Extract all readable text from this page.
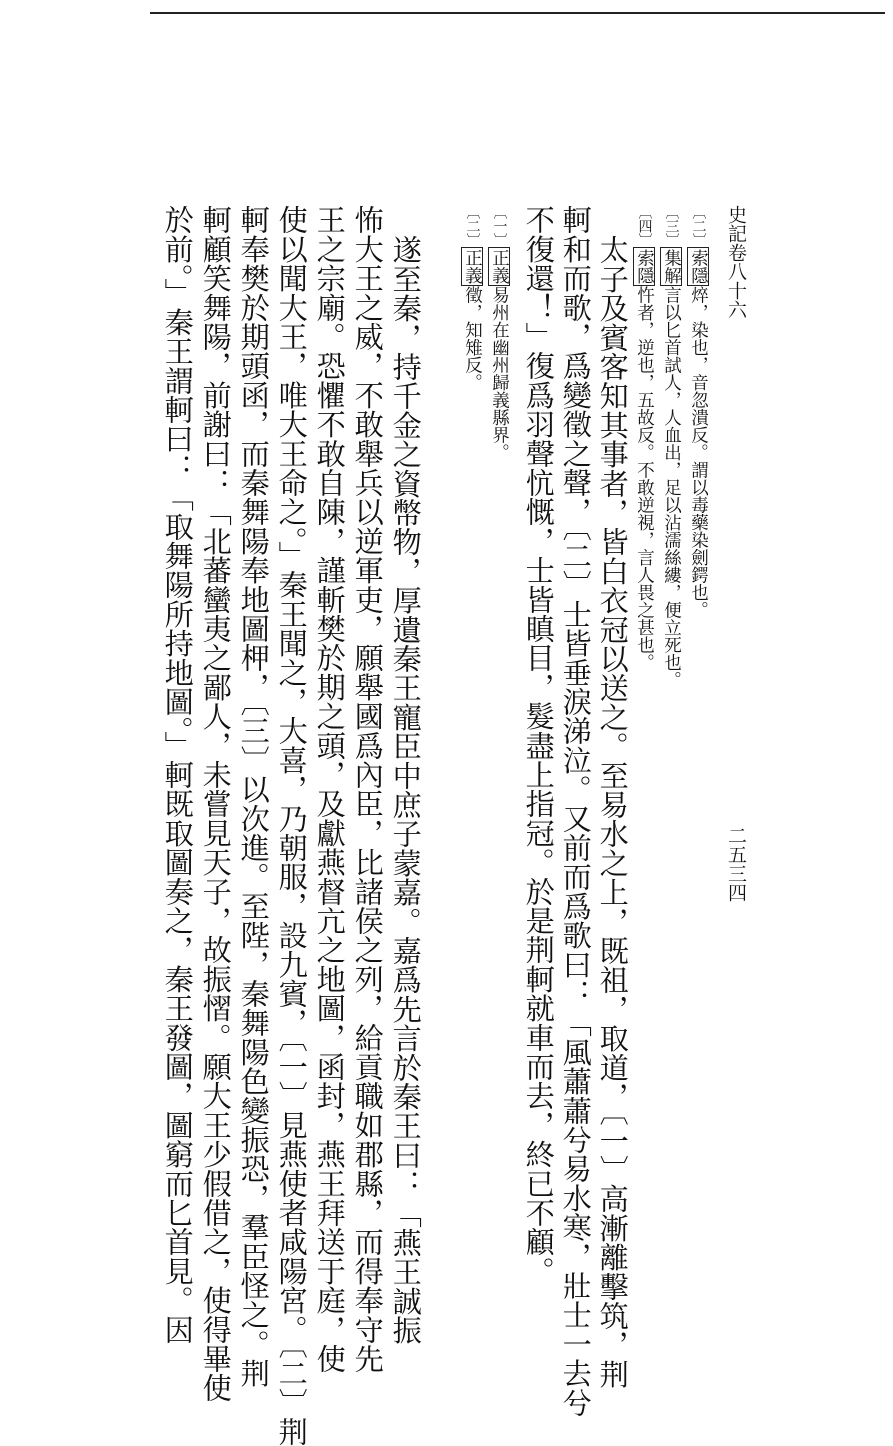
史記卷八十六
二五三四
〔二〕索隱焠，染也，音忽潰反。謂以毒藥染劍鍔也。
〔三〕集解言以匕首試人，人血出，足以沾濡絲縷，便立死也。
〔四〕索隱忤者，逆也，五故反。不敢逆視，言人畏之甚也。
太子及賓客知其事者，皆白衣冠以送之。至易水之上，既祖，取道，〔一〕高漸離擊筑，荆
軻和而歌，爲變徵之聲，〔二〕士皆垂淚涕泣。又前而爲歌曰：「風蕭蕭兮易水寒，壯士一去兮
不復還！」復爲羽聲忼慨，士皆瞋目，髮盡上指冠。於是荆軻就車而去，終已不顧。
〔一〕正義易州在幽州歸義縣界。
〔二〕正義徵，知雉反。
遂至秦，持千金之資幣物，厚遺秦王寵臣中庶子蒙嘉。嘉爲先言於秦王曰：「燕王誠振
怖大王之威，不敢舉兵以逆軍吏，願舉國爲內臣，比諸侯之列，給貢職如郡縣，而得奉守先
王之宗廟。恐懼不敢自陳，謹斬樊於期之頭，及獻燕督亢之地圖，函封，燕王拜送于庭，使
使以聞大王，唯大王命之。」秦王聞之，大喜，乃朝服，設九賓，〔一〕見燕使者咸陽宮。〔二〕荆
軻奉樊於期頭函，而秦舞陽奉地圖柙，〔三〕以次進。至陛，秦舞陽色變振恐，羣臣怪之。荆
軻顧笑舞陽，前謝曰：「北蕃蠻夷之鄙人，未嘗見天子，故振慴。願大王少假借之，使得畢使
於前。」秦王謂軻曰：「取舞陽所持地圖。」軻既取圖奏之，秦王發圖，圖窮而匕首見。因
